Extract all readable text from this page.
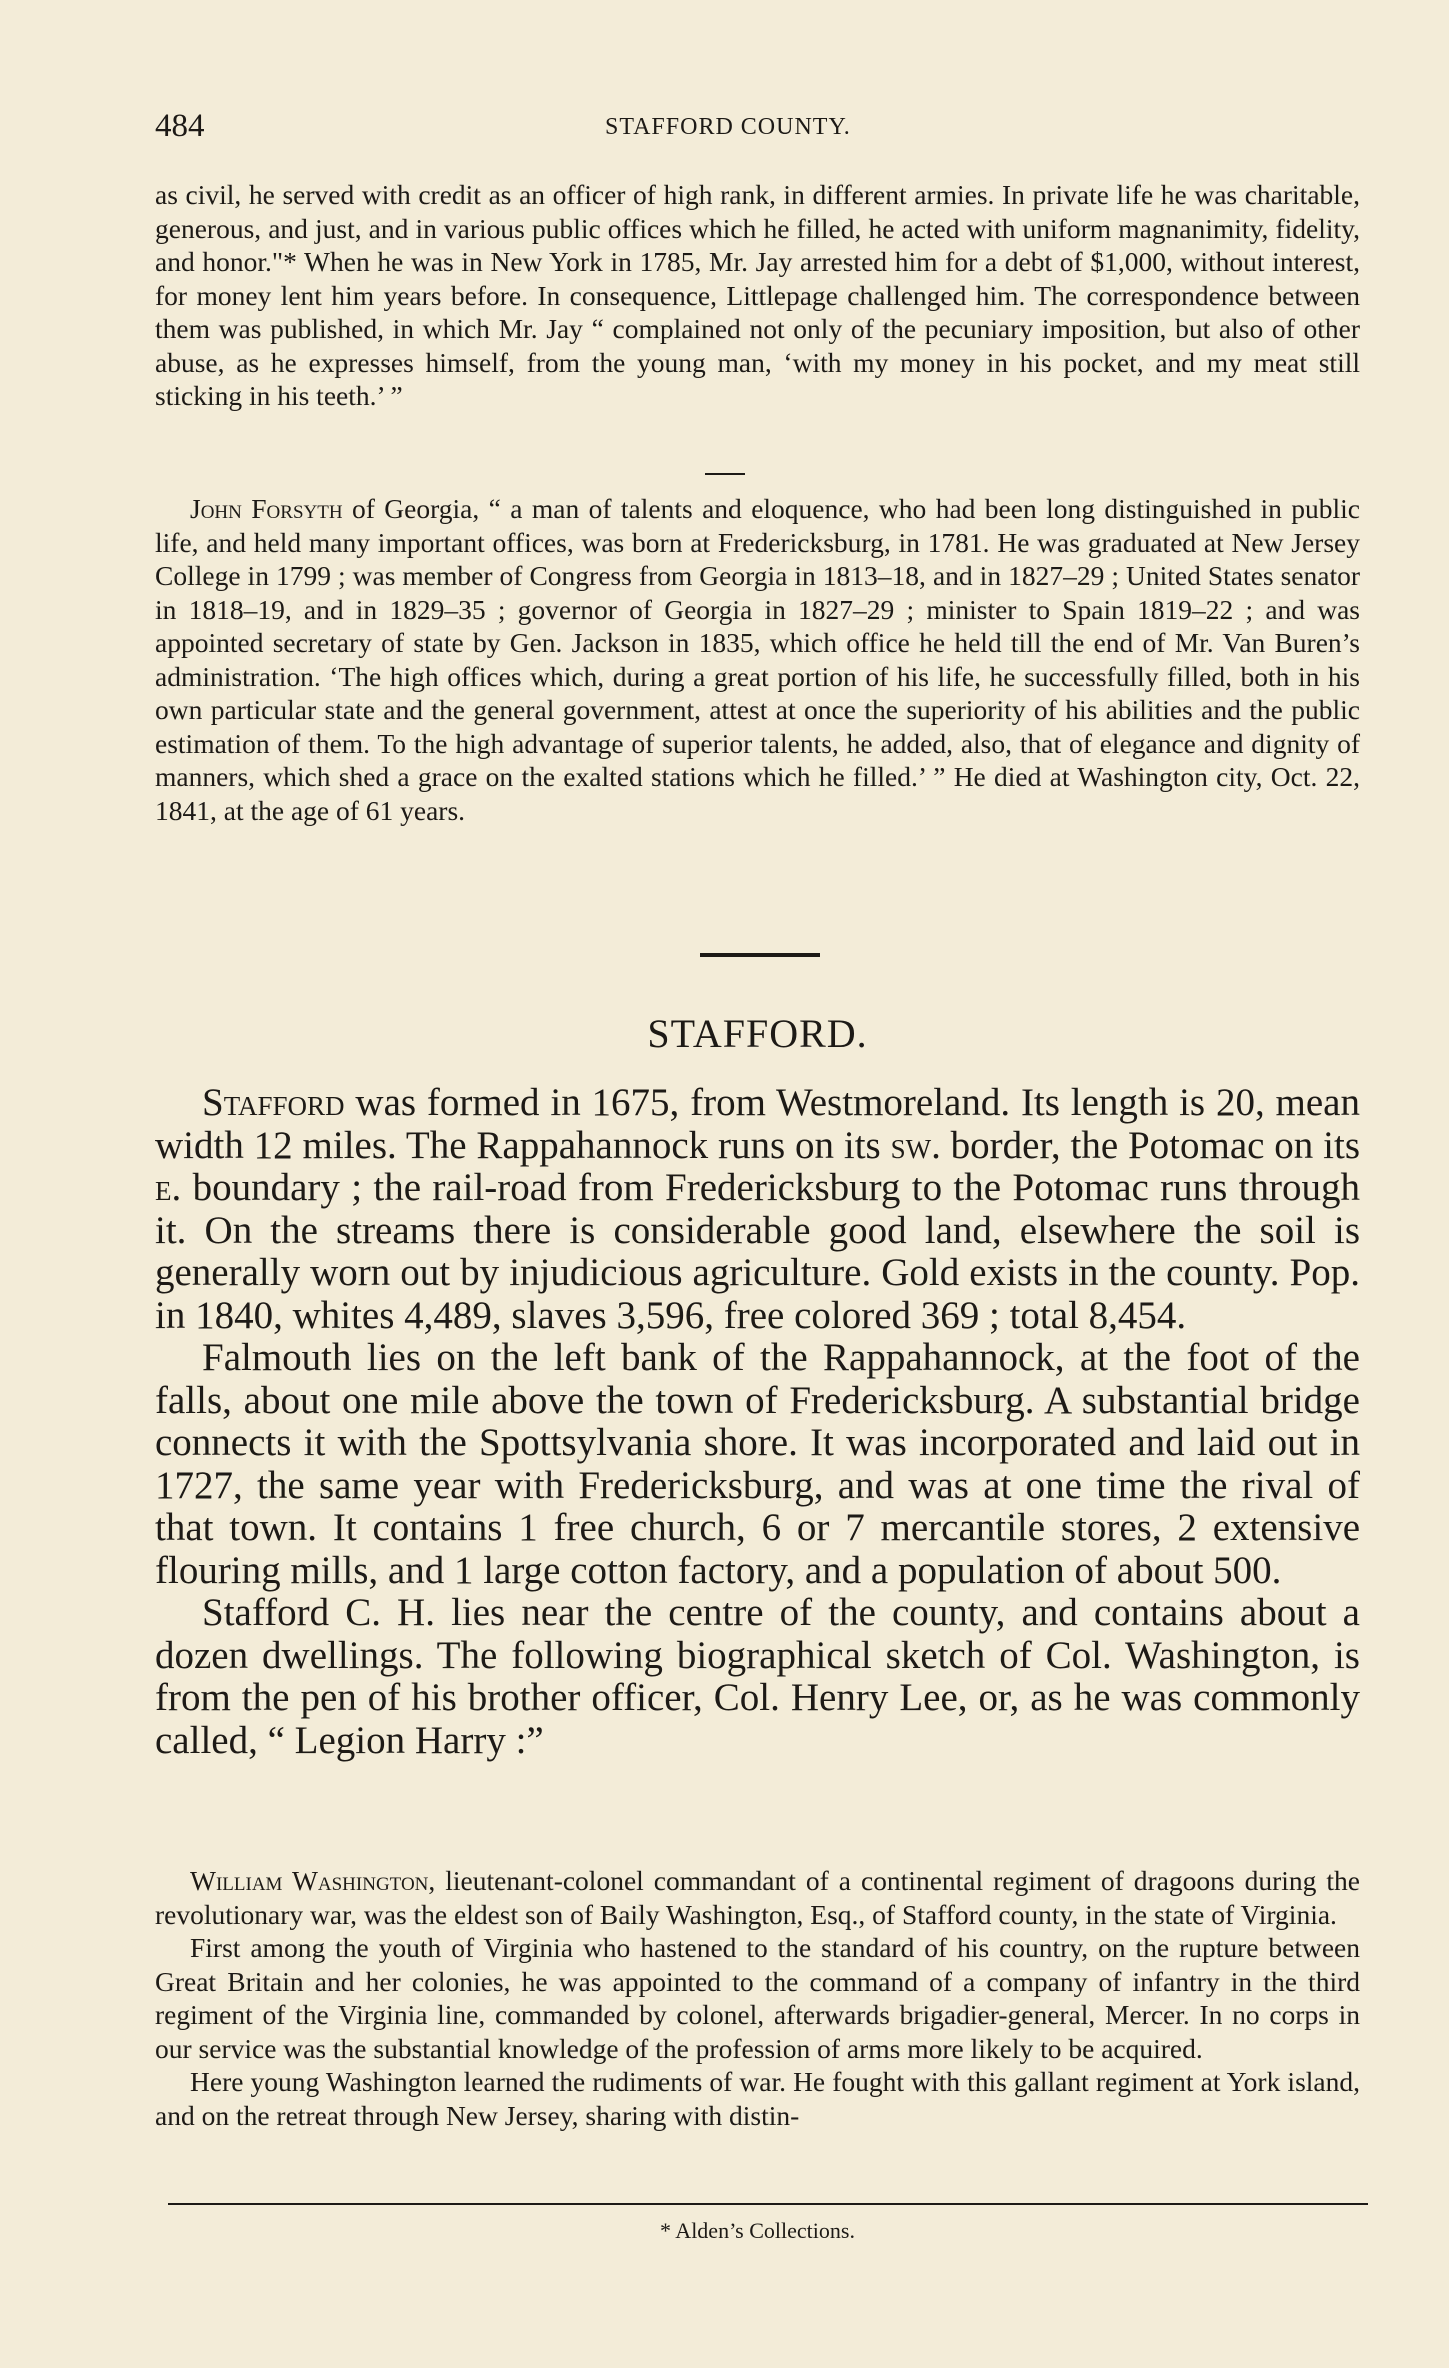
484	STAFFORD COUNTY.

as civil, he served with credit as an officer of high rank, in different armies. In private life he was charitable, generous, and just, and in various public offices which he filled, he acted with uniform magnanimity, fidelity, and honor."* When he was in New York in 1785, Mr. Jay arrested him for a debt of $1,000, without interest, for money lent him years before. In consequence, Littlepage challenged him. The correspondence between them was published, in which Mr. Jay “ complained not only of the pecuniary imposition, but also of other abuse, as he expresses himself, from the young man, ‘with my money in his pocket, and my meat still sticking in his teeth.’ ”

John Forsyth of Georgia, “ a man of talents and eloquence, who had been long distinguished in public life, and held many important offices, was born at Fredericksburg, in 1781. He was graduated at New Jersey College in 1799 ; was member of Congress from Georgia in 1813–18, and in 1827–29 ; United States senator in 1818–19, and in 1829–35 ; governor of Georgia in 1827–29 ; minister to Spain 1819–22 ; and was appointed secretary of state by Gen. Jackson in 1835, which office he held till the end of Mr. Van Buren’s administration. ‘The high offices which, during a great portion of his life, he successfully filled, both in his own particular state and the general government, attest at once the superiority of his abilities and the public estimation of them. To the high advantage of superior talents, he added, also, that of elegance and dignity of manners, which shed a grace on the exalted stations which he filled.’ ” He died at Washington city, Oct. 22, 1841, at the age of 61 years.

STAFFORD.

Stafford was formed in 1675, from Westmoreland. Its length is 20, mean width 12 miles. The Rappahannock runs on its sw. border, the Potomac on its e. boundary ; the rail-road from Fredericksburg to the Potomac runs through it. On the streams there is considerable good land, elsewhere the soil is generally worn out by injudicious agriculture. Gold exists in the county. Pop. in 1840, whites 4,489, slaves 3,596, free colored 369 ; total 8,454.

Falmouth lies on the left bank of the Rappahannock, at the foot of the falls, about one mile above the town of Fredericksburg. A substantial bridge connects it with the Spottsylvania shore. It was incorporated and laid out in 1727, the same year with Fredericksburg, and was at one time the rival of that town. It contains 1 free church, 6 or 7 mercantile stores, 2 extensive flouring mills, and 1 large cotton factory, and a population of about 500.

Stafford C. H. lies near the centre of the county, and contains about a dozen dwellings. The following biographical sketch of Col. Washington, is from the pen of his brother officer, Col. Henry Lee, or, as he was commonly called, “ Legion Harry :”

William Washington, lieutenant-colonel commandant of a continental regiment of dragoons during the revolutionary war, was the eldest son of Baily Washington, Esq., of Stafford county, in the state of Virginia.

First among the youth of Virginia who hastened to the standard of his country, on the rupture between Great Britain and her colonies, he was appointed to the command of a company of infantry in the third regiment of the Virginia line, commanded by colonel, afterwards brigadier-general, Mercer. In no corps in our service was the substantial knowledge of the profession of arms more likely to be acquired.

Here young Washington learned the rudiments of war. He fought with this gallant regiment at York island, and on the retreat through New Jersey, sharing with distin-

* Alden’s Collections.
